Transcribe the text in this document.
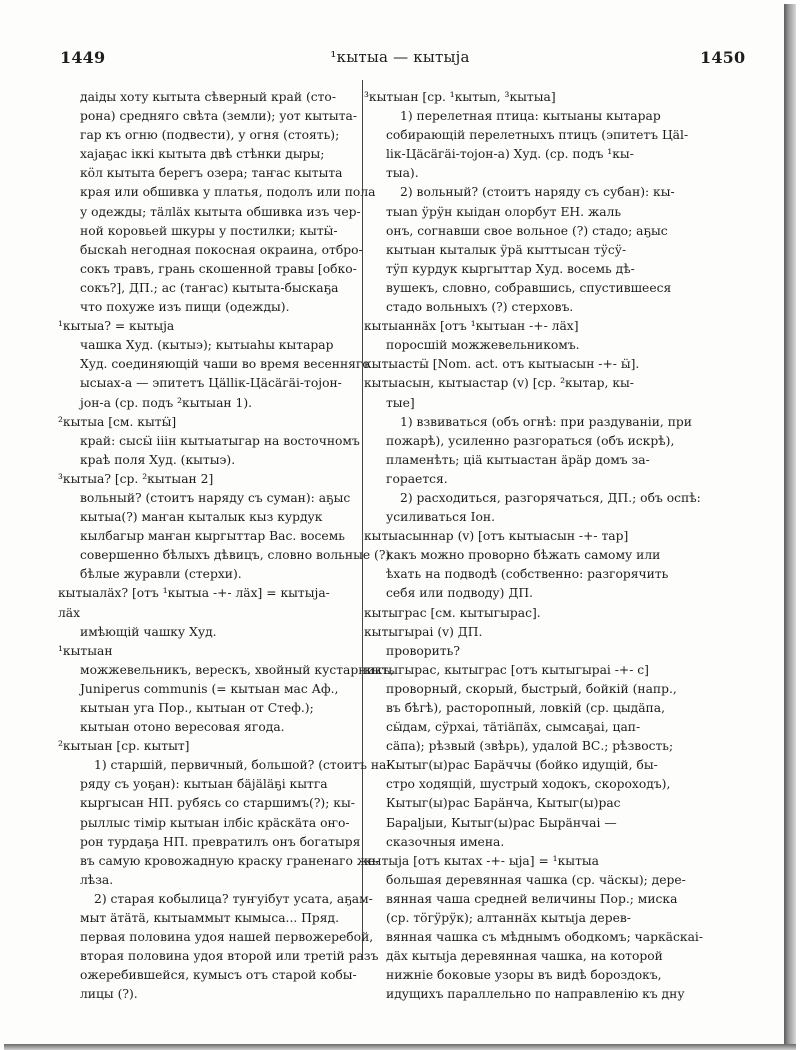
1449	¹кытыа — кытыја	1450
даіды хоту кытыта сѣверный край (сто-
рона) средняго свѣта (земли); уот кытыта-
гар къ огню (подвести), у огня (стоять);
хаjаҕас іккі кытыта двѣ стѣнки дыры;
кӧл кытыта берегъ озера; таҥас кытыта
края или обшивка у платья, подолъ или пола
у одежды; тäлläх кытыта обшивка изъ чер-
ной коровьей шкуры у постилки; кытӹ-
быскаh негодная покосная окраина, отбро-
сокъ травъ, грань скошенной травы [обко-
сокъ?], ДП.; ас (таҥас) кытыта-быскаҕа
что похуже изъ пищи (одежды).
¹кытыа? = кытыја
чашка Худ. (кытыэ); кытыаhы кытарар
Худ. соединяющій чаши во время весенняго
ысыах-а — эпитетъ Цällік-Цäсäгäі-тојон-
јон-а (ср. подъ ²кытыан 1).
²кытыа [см. кытӹ]
край: сысӹ ііін кытыатыгар на восточномъ
краѣ поля Худ. (кытыэ).
³кытыа? [ср. ²кытыан 2]
вольный? (стоитъ наряду съ суман): аҕыс
кытыа(?) маҥан кыталык кыз курдук
кылбагыр маҥан кыргыттар Вас. восемь
совершенно бѣлыхъ дѣвицъ, словно вольные (?)
бѣлые журавли (стерхи).
кытыалäх? [отъ ¹кытыа -+- лäх] = кытыја-
лäх
имѣющій чашку Худ.
¹кытыан
можжевельникъ, верескъ, хвойный кустарникъ,
Juniperus communis (= кытыан мас Аф.,
кытыан уга Пор., кытыан от Стеф.);
кытыан отоно вересовая ягода.
²кытыан [ср. кытыт]
1) старшій, первичный, большой? (стоитъ на-
ряду съ уоҕан): кытыан бäjäläҕі кытга
кыргысан НП. рубясь со старшимъ(?); кы-
рыллыс тімір кытыан ілбіс кpäскäта оҥо-
рон турдаҕа НП. превратилъ онъ богатыря
въ самую кровожадную краску граненаго же-
лѣза.
2) старая кобылица? туҥуібут усата, аҕам-
мыт äтäтä, кытыаммыт кымыса... Пряд.
первая половина удоя нашей первожеребой,
вторая половина удоя второй или третій разъ
ожеребившейся, кумысъ отъ старой кобы-
лицы (?).
³кытыан [ср. ¹кытыn, ³кытыа]
1) перелетная птица: кытыаны кытарар
собирающій перелетныхъ птицъ (эпитетъ Цäl-
lік-Цäсäгäі-тојон-а) Худ. (ср. подъ ¹кы-
тыа).
2) вольный? (стоитъ наряду съ субан): кы-
тыаn ӱрӱн кыідан олорбут ЕН. жаль
онъ, согнавши свое вольное (?) стадо; аҕыс
кытыан кыталык ӱрä кыттысан тӱсӱ-
тӱп курдук кыргыттар Худ. восемь дѣ-
вушекъ, словно, собравшись, спустившееся
стадо вольныхъ (?) стерховъ.
кытыаннäх [отъ ¹кытыан -+- лäх]
поросшій можжевельникомъ.
кытыастӹ [Nom. act. отъ кытыасын -+- ӹ].
кытыасын, кытыастар (v) [ср. ²кытар, кы-
тые]
1) взвиваться (объ огнѣ: при раздуваніи, при
пожарѣ), усиленно разгораться (объ искрѣ),
пламенѣть; ціä кытыастан äpäp домъ за-
горается.
2) расходиться, разгорячаться, ДП.; объ оспѣ:
усиливаться Іон.
кытыасыннар (v) [отъ кытыасын -+- тар]
какъ можно проворно бѣжать самому или
ѣхать на подводѣ (собственно: разгорячить
себя или подводу) ДП.
кытыграс [см. кытыгырас].
кытыгыраі (v) ДП.
проворить?
кытыгырас, кытыграс [отъ кытыгыраі -+- с]
проворный, скорый, быстрый, бойкій (напр.,
въ бѣгѣ), расторопный, ловкій (ср. цыдäпа,
сӹдам, сӱрхаі, тäтіäпäх, сымсаҕаі, цап-
сäпа); рѣзвый (звѣрь), удалой ВС.; рѣзвость;
Кытыг(ы)рас Барäччы (бойко идущій, бы-
стро ходящій, шустрый ходокъ, скороходъ),
Кытыг(ы)рас Барäнча, Кытыг(ы)рас
Бараljыи, Кытыг(ы)рас Бырäнчаі —
сказочныя имена.
кытыја [отъ кытах -+- ыја] = ¹кытыа
большая деревянная чашка (ср. чäскы); дере-
вянная чаша средней величины Пор.; миска
(ср. тӧгӱрӱк); алтаннäх кытыја дерев-
вянная чашка съ мѣднымъ ободкомъ; чаркäскаі-
дäх кытыја деревянная чашка, на которой
нижніе боковые узоры въ видѣ бороздокъ,
идущихъ параллельно по направленію къ дну
